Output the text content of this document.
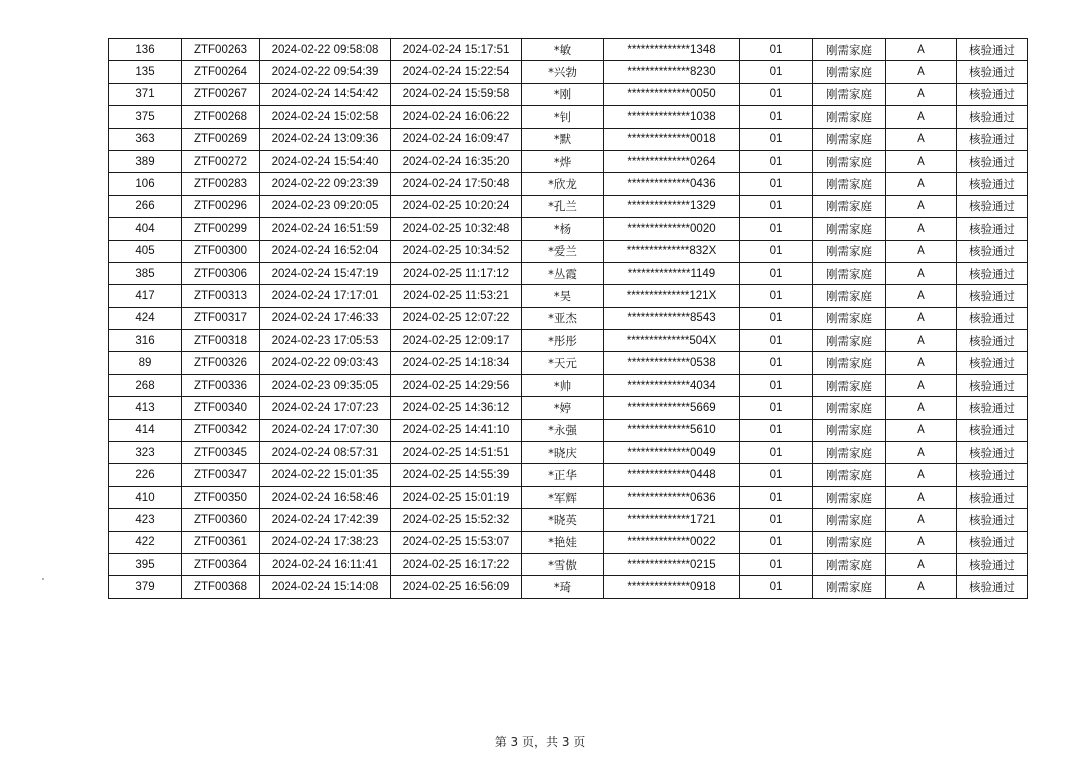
136	ZTF00263	2024-02-22 09:58:08	2024-02-24 15:17:51	*敏	**************1348	01	刚需家庭	A	核验通过
135	ZTF00264	2024-02-22 09:54:39	2024-02-24 15:22:54	*兴勃	**************8230	01	刚需家庭	A	核验通过
371	ZTF00267	2024-02-24 14:54:42	2024-02-24 15:59:58	*刚	**************0050	01	刚需家庭	A	核验通过
375	ZTF00268	2024-02-24 15:02:58	2024-02-24 16:06:22	*钊	**************1038	01	刚需家庭	A	核验通过
363	ZTF00269	2024-02-24 13:09:36	2024-02-24 16:09:47	*默	**************0018	01	刚需家庭	A	核验通过
389	ZTF00272	2024-02-24 15:54:40	2024-02-24 16:35:20	*烨	**************0264	01	刚需家庭	A	核验通过
106	ZTF00283	2024-02-22 09:23:39	2024-02-24 17:50:48	*欣龙	**************0436	01	刚需家庭	A	核验通过
266	ZTF00296	2024-02-23 09:20:05	2024-02-25 10:20:24	*孔兰	**************1329	01	刚需家庭	A	核验通过
404	ZTF00299	2024-02-24 16:51:59	2024-02-25 10:32:48	*杨	**************0020	01	刚需家庭	A	核验通过
405	ZTF00300	2024-02-24 16:52:04	2024-02-25 10:34:52	*爱兰	**************832X	01	刚需家庭	A	核验通过
385	ZTF00306	2024-02-24 15:47:19	2024-02-25 11:17:12	*丛霞	**************1149	01	刚需家庭	A	核验通过
417	ZTF00313	2024-02-24 17:17:01	2024-02-25 11:53:21	*昊	**************121X	01	刚需家庭	A	核验通过
424	ZTF00317	2024-02-24 17:46:33	2024-02-25 12:07:22	*亚杰	**************8543	01	刚需家庭	A	核验通过
316	ZTF00318	2024-02-23 17:05:53	2024-02-25 12:09:17	*彤彤	**************504X	01	刚需家庭	A	核验通过
89	ZTF00326	2024-02-22 09:03:43	2024-02-25 14:18:34	*天元	**************0538	01	刚需家庭	A	核验通过
268	ZTF00336	2024-02-23 09:35:05	2024-02-25 14:29:56	*帅	**************4034	01	刚需家庭	A	核验通过
413	ZTF00340	2024-02-24 17:07:23	2024-02-25 14:36:12	*婷	**************5669	01	刚需家庭	A	核验通过
414	ZTF00342	2024-02-24 17:07:30	2024-02-25 14:41:10	*永强	**************5610	01	刚需家庭	A	核验通过
323	ZTF00345	2024-02-24 08:57:31	2024-02-25 14:51:51	*晓庆	**************0049	01	刚需家庭	A	核验通过
226	ZTF00347	2024-02-22 15:01:35	2024-02-25 14:55:39	*正华	**************0448	01	刚需家庭	A	核验通过
410	ZTF00350	2024-02-24 16:58:46	2024-02-25 15:01:19	*军辉	**************0636	01	刚需家庭	A	核验通过
423	ZTF00360	2024-02-24 17:42:39	2024-02-25 15:52:32	*晓英	**************1721	01	刚需家庭	A	核验通过
422	ZTF00361	2024-02-24 17:38:23	2024-02-25 15:53:07	*艳娃	**************0022	01	刚需家庭	A	核验通过
395	ZTF00364	2024-02-24 16:11:41	2024-02-25 16:17:22	*雪傲	**************0215	01	刚需家庭	A	核验通过
379	ZTF00368	2024-02-24 15:14:08	2024-02-25 16:56:09	*琦	**************0918	01	刚需家庭	A	核验通过
第 3 页，共 3 页
